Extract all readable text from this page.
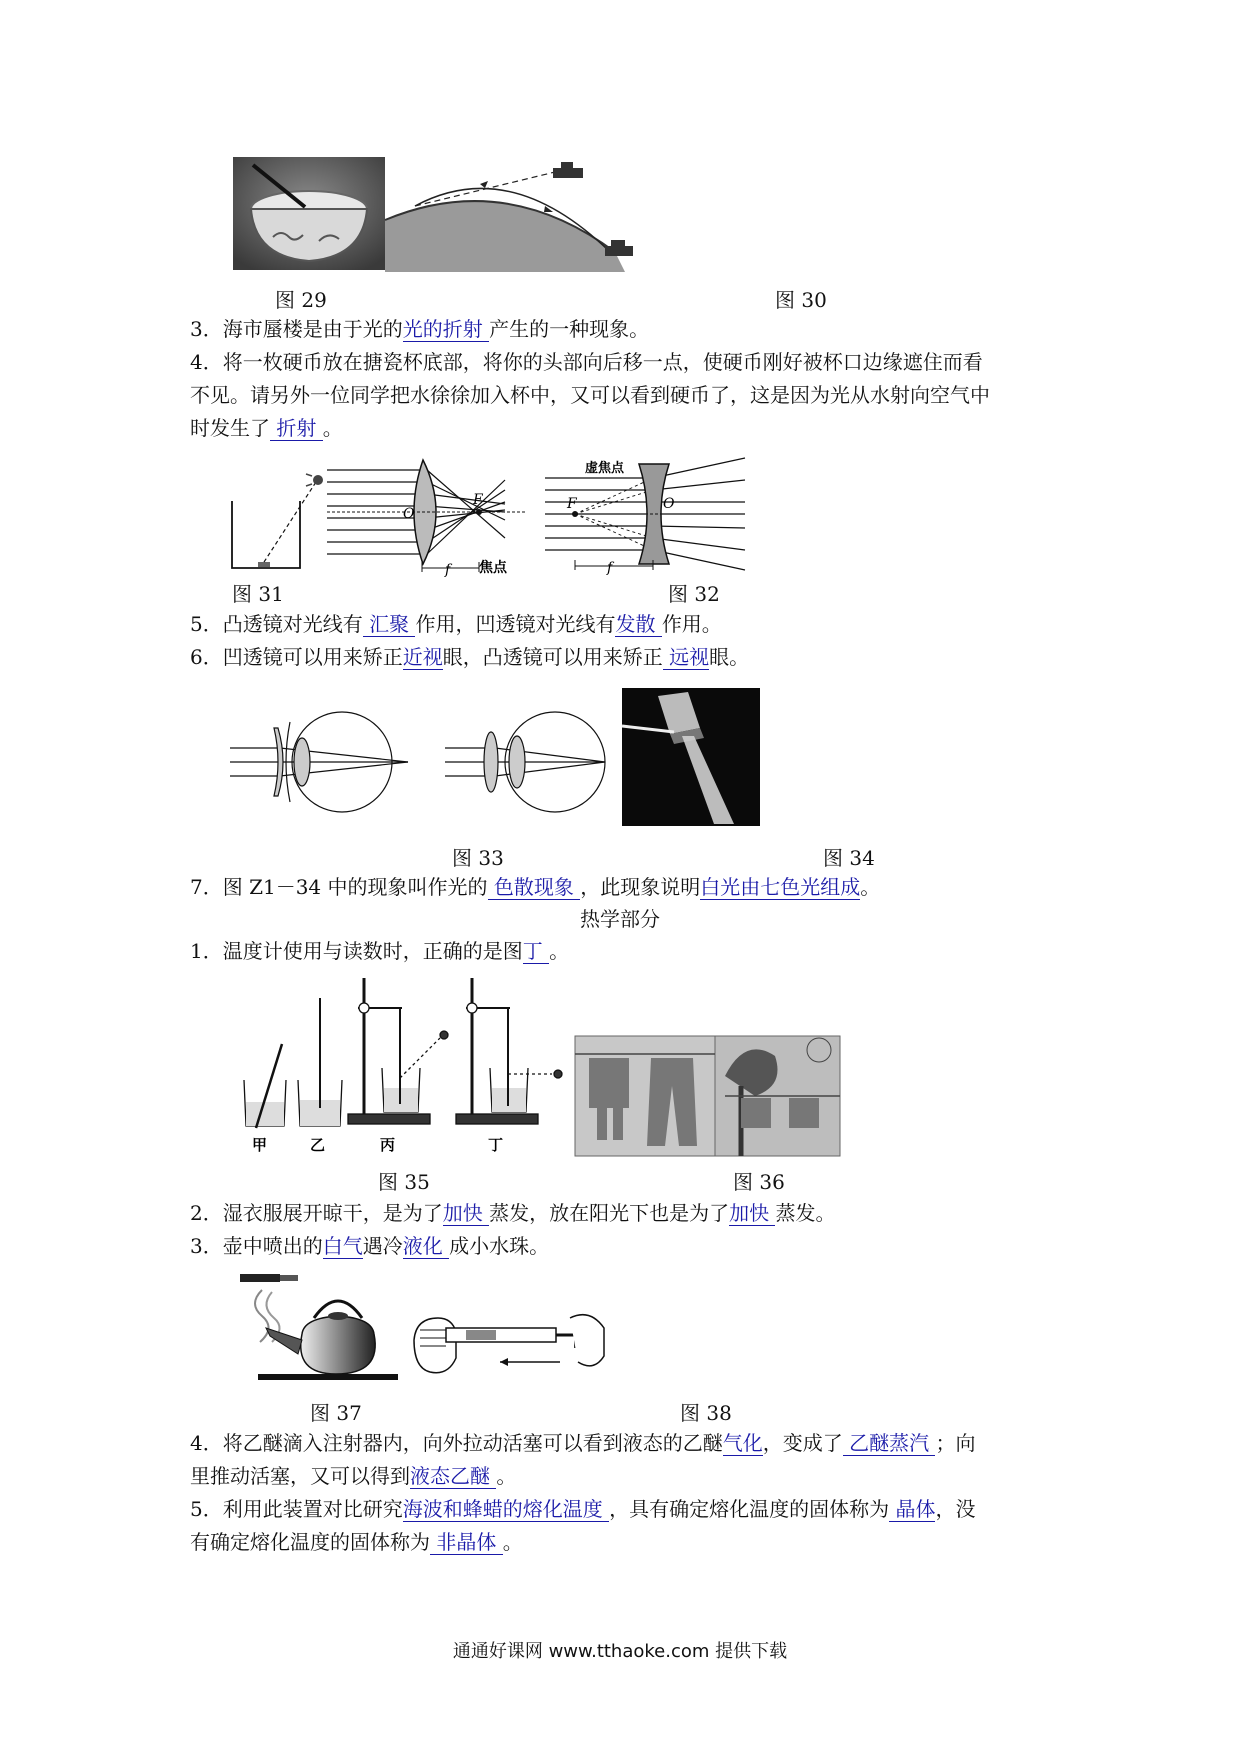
图 29	图 30
3．海市蜃楼是由于光的光的折射 产生的一种现象。
4．将一枚硬币放在搪瓷杯底部，将你的头部向后移一点，使硬币刚好被杯口边缘遮住而看
不见。请另外一位同学把水徐徐加入杯中，又可以看到硬币了，这是因为光从水射向空气中
时发生了 折射 。
f
O
F
焦点	f
F	O
虚焦点
图 31	图 32
5．凸透镜对光线有 汇聚 作用，凹透镜对光线有发散 作用。
6．凹透镜可以用来矫正近视眼，凸透镜可以用来矫正 远视眼。
图 33	图 34
7．图 Z1－34 中的现象叫作光的 色散现象 ，此现象说明白光由七色光组成。
热学部分
1．温度计使用与读数时，正确的是图丁 。
甲	乙	丙	丁
图 35	图 36
2．湿衣服展开晾干，是为了加快 蒸发，放在阳光下也是为了加快 蒸发。
3．壶中喷出的白气遇冷液化 成小水珠。
图 37	图 38
4．将乙醚滴入注射器内，向外拉动活塞可以看到液态的乙醚气化，变成了 乙醚蒸汽 ；向
里推动活塞，又可以得到液态乙醚 。
5．利用此装置对比研究海波和蜂蜡的熔化温度 ，具有确定熔化温度的固体称为 晶体，没
有确定熔化温度的固体称为 非晶体 。
通通好课网 www.tthaoke.com 提供下载
